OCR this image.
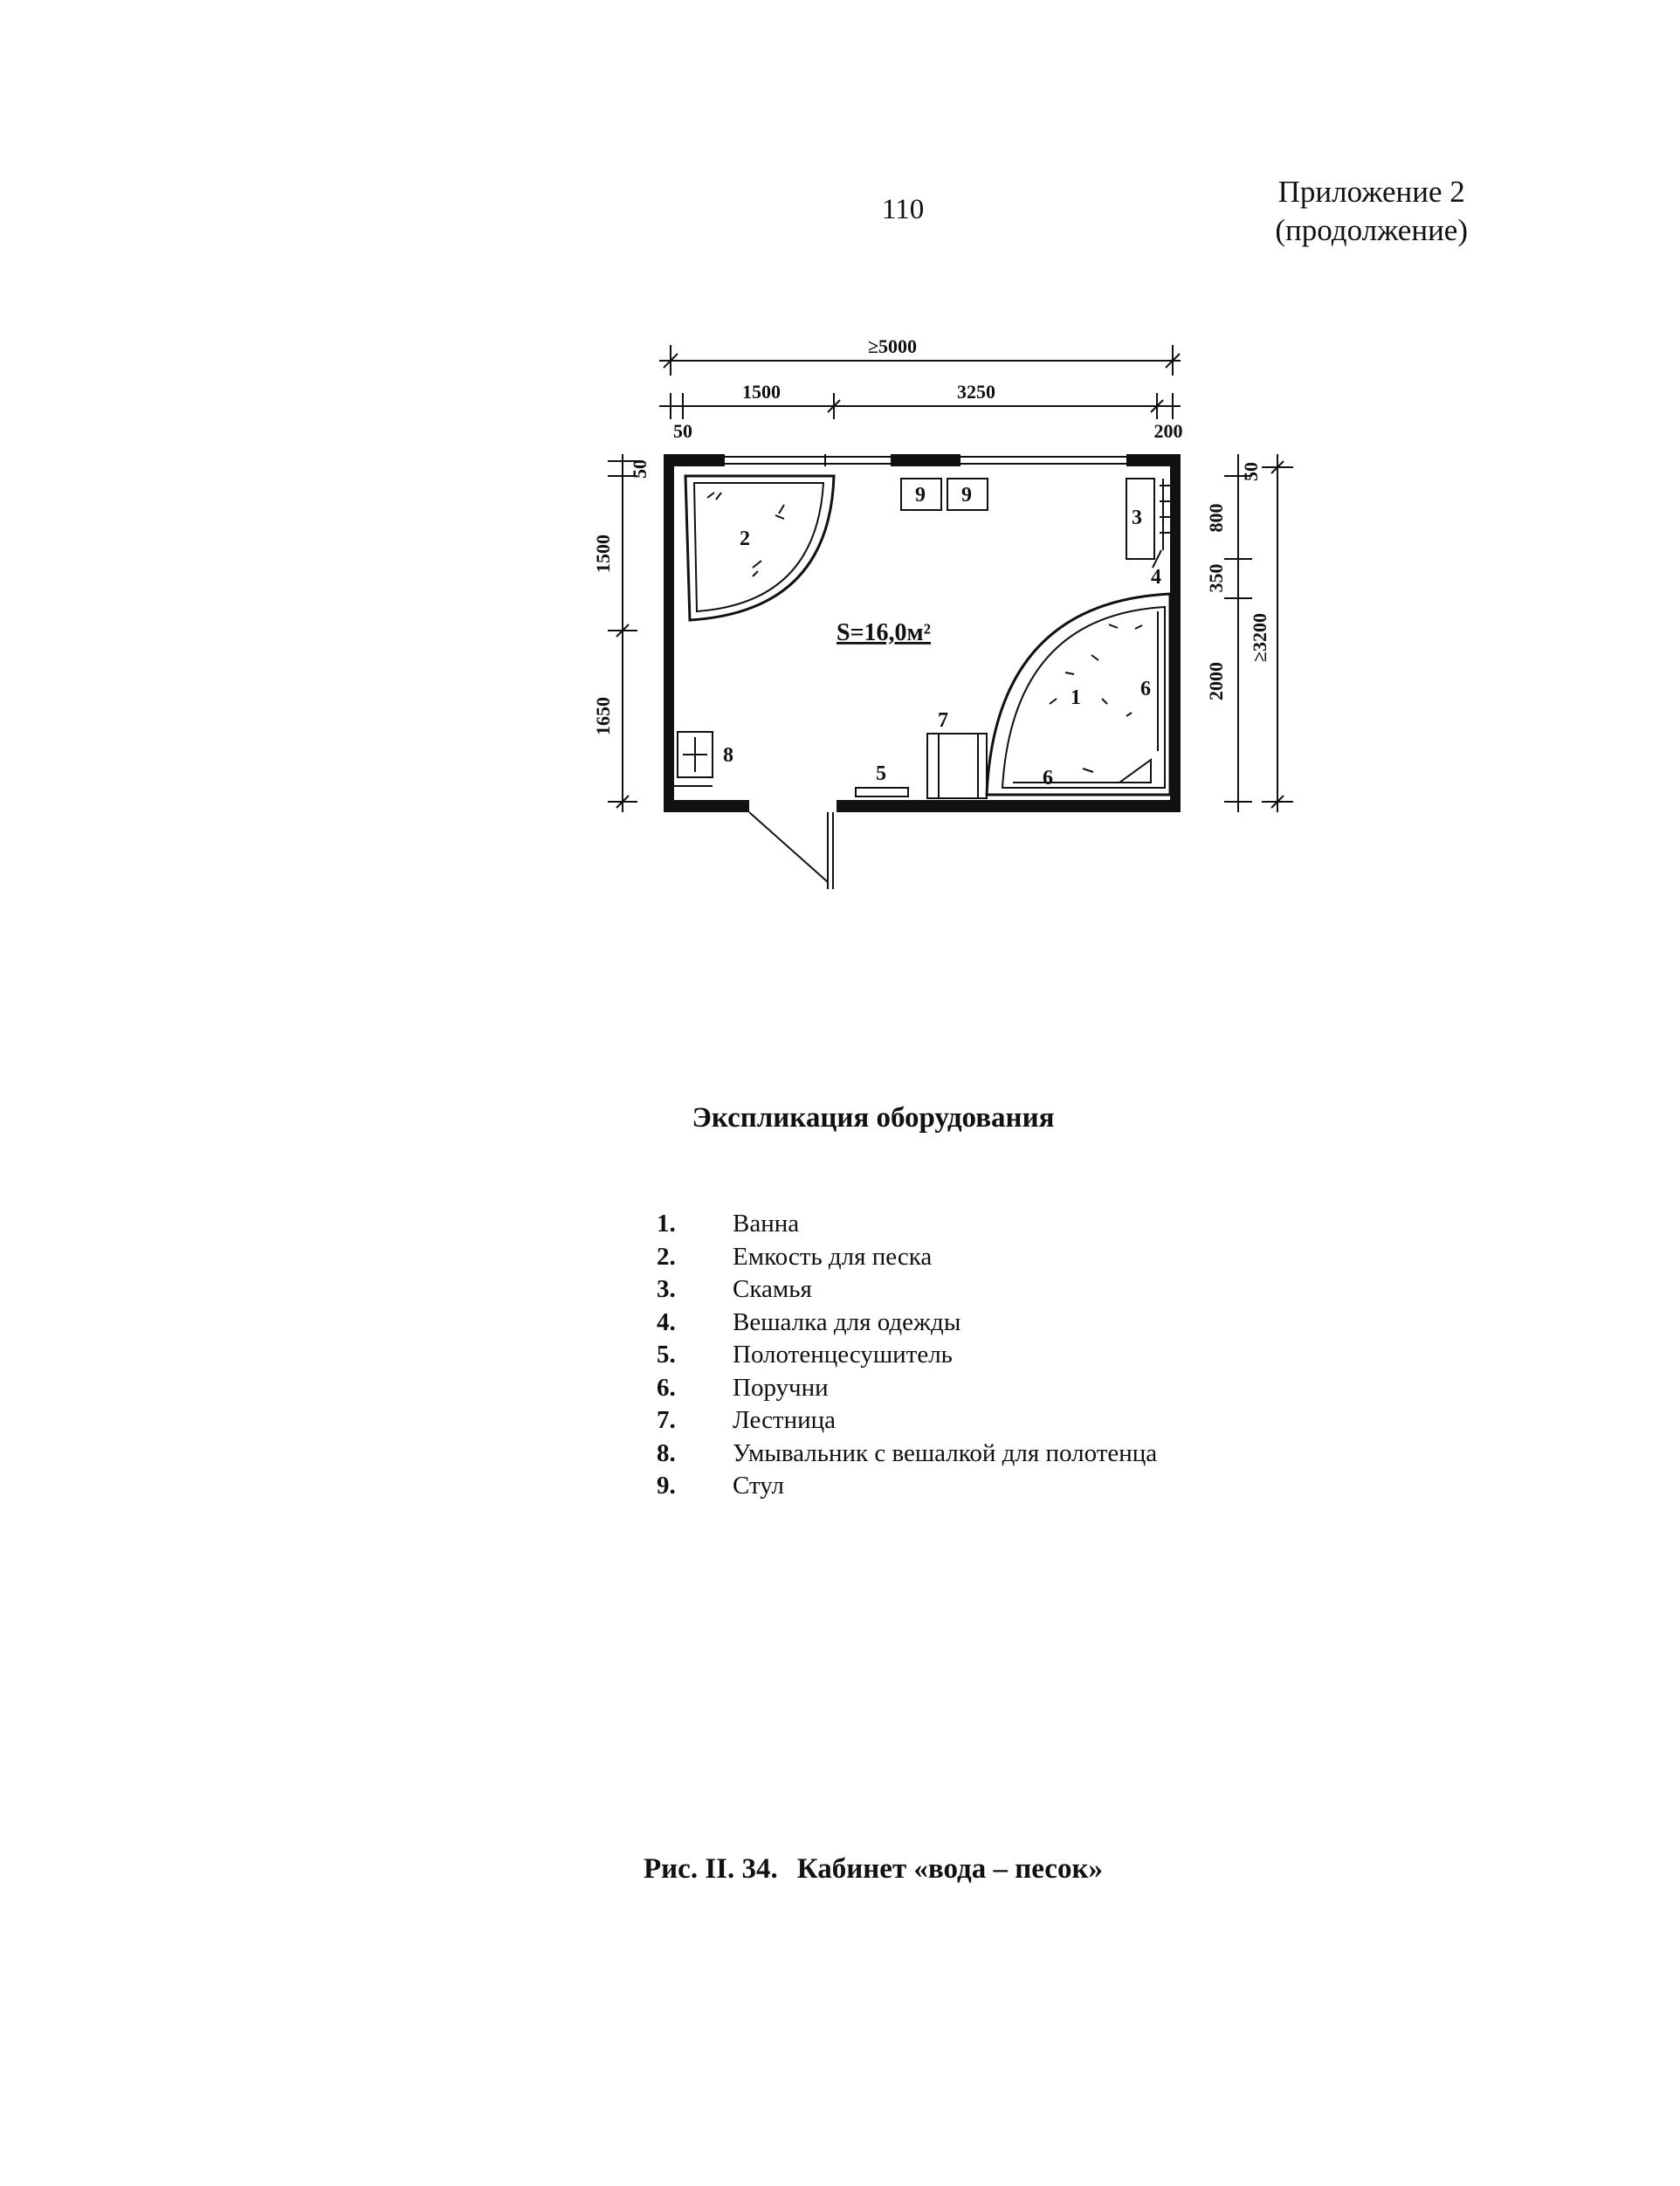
110
Приложение 2
(продолжение)
≥5000
1500	3250
50	200
50
1500
1650
50
800
350
2000
≥3200
S=16,0м²
1
2
3
4
5
6
6
7
8
9 9
Экспликация оборудования
1.	Ванна
2.	Емкость для песка
3.	Скамья
4.	Вешалка для одежды
5.	Полотенцесушитель
6.	Поручни
7.	Лестница
8.	Умывальник с вешалкой для полотенца
9.	Стул
Рис. II. 34. Кабинет «вода – песок»
